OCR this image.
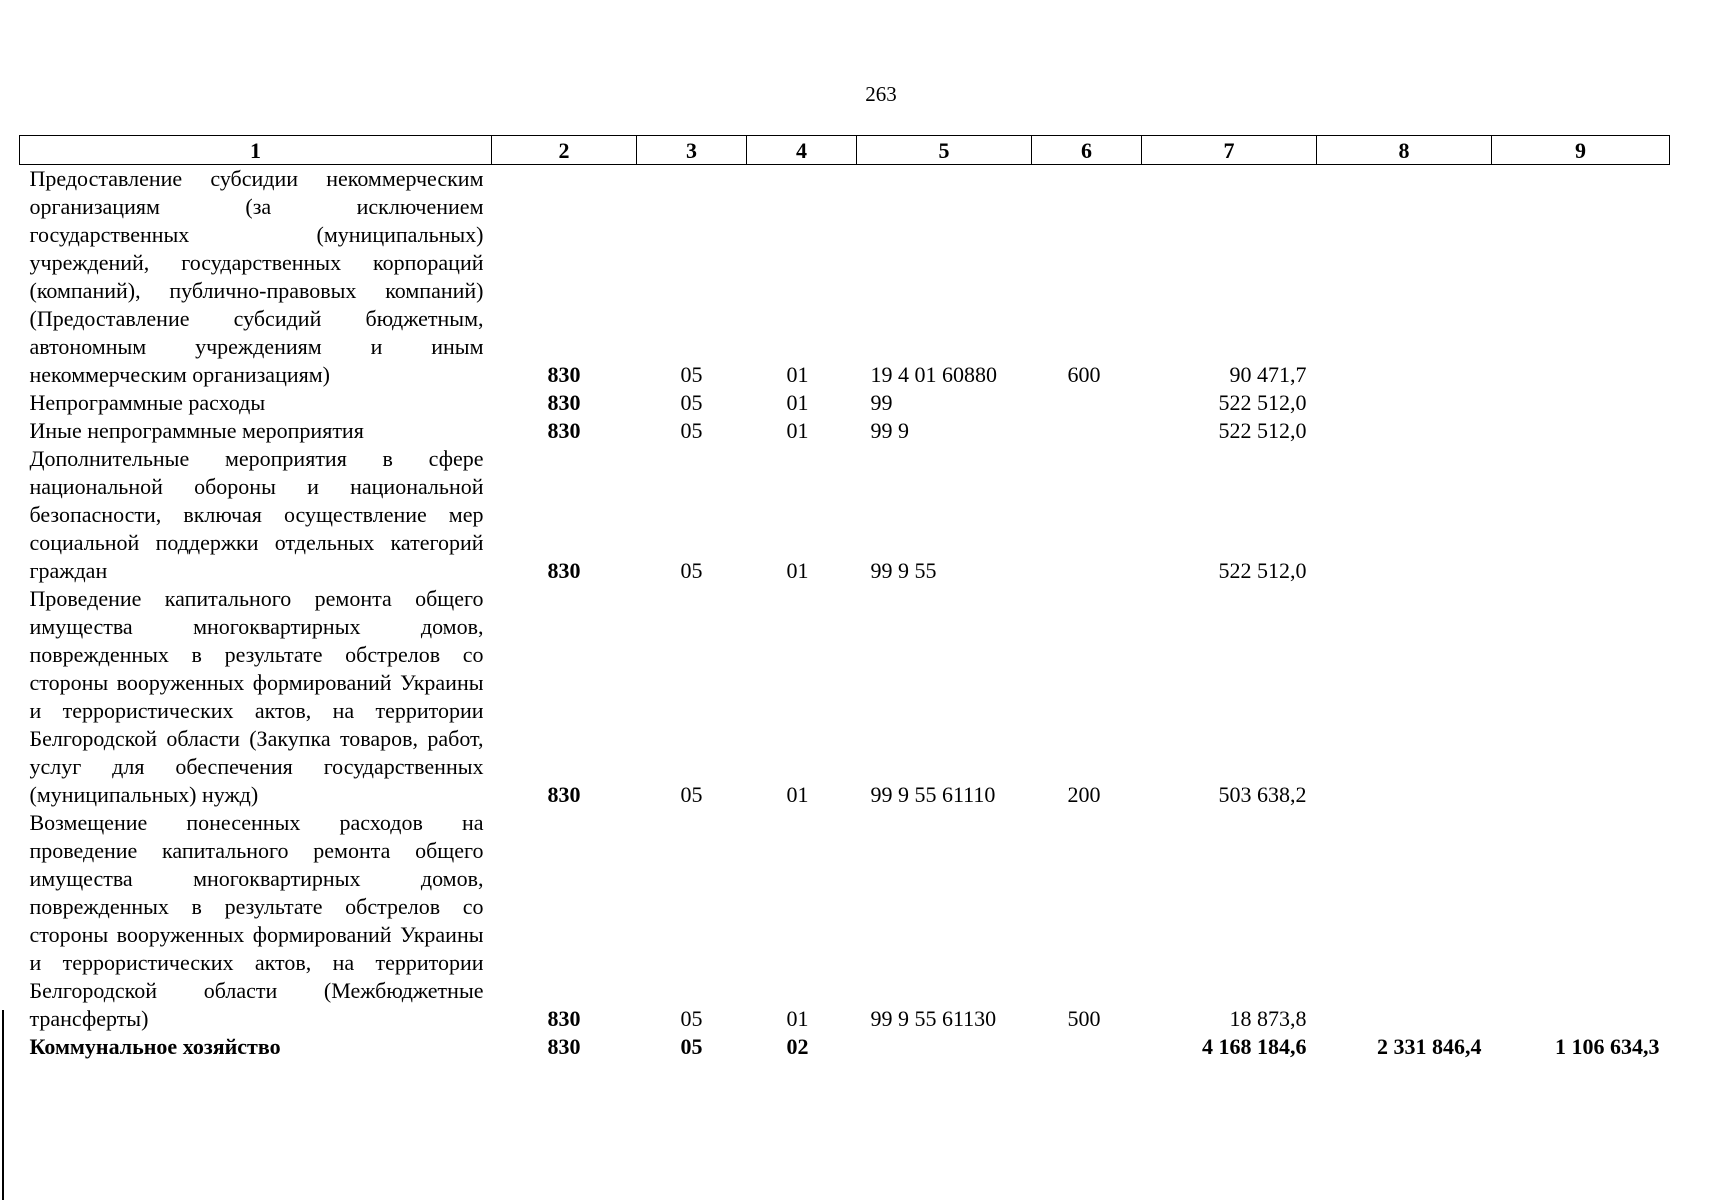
263
1	2	3	4	5	6	7	8	9
Предоставление субсидии некоммерческим организациям (за исключением государственных (муниципальных) учреждений, государственных корпораций (компаний), публично-правовых компаний) (Предоставление субсидий бюджетным, автономным учреждениям и иным некоммерческим организациям)	830	05	01	19 4 01 60880	600	90 471,7		
Непрограммные расходы	830	05	01	99		522 512,0		
Иные непрограммные мероприятия	830	05	01	99 9		522 512,0		
Дополнительные мероприятия в сфере национальной обороны и национальной безопасности, включая осуществление мер социальной поддержки отдельных категорий граждан	830	05	01	99 9 55		522 512,0		
Проведение капитального ремонта общего имущества многоквартирных домов, поврежденных в результате обстрелов со стороны вооруженных формирований Украины и террористических актов, на территории Белгородской области (Закупка товаров, работ, услуг для обеспечения государственных (муниципальных) нужд)	830	05	01	99 9 55 61110	200	503 638,2		
Возмещение понесенных расходов на проведение капитального ремонта общего имущества многоквартирных домов, поврежденных в результате обстрелов со стороны вооруженных формирований Украины и террористических актов, на территории Белгородской области (Межбюджетные трансферты)	830	05	01	99 9 55 61130	500	18 873,8		
Коммунальное хозяйство	830	05	02			4 168 184,6	2 331 846,4	1 106 634,3
